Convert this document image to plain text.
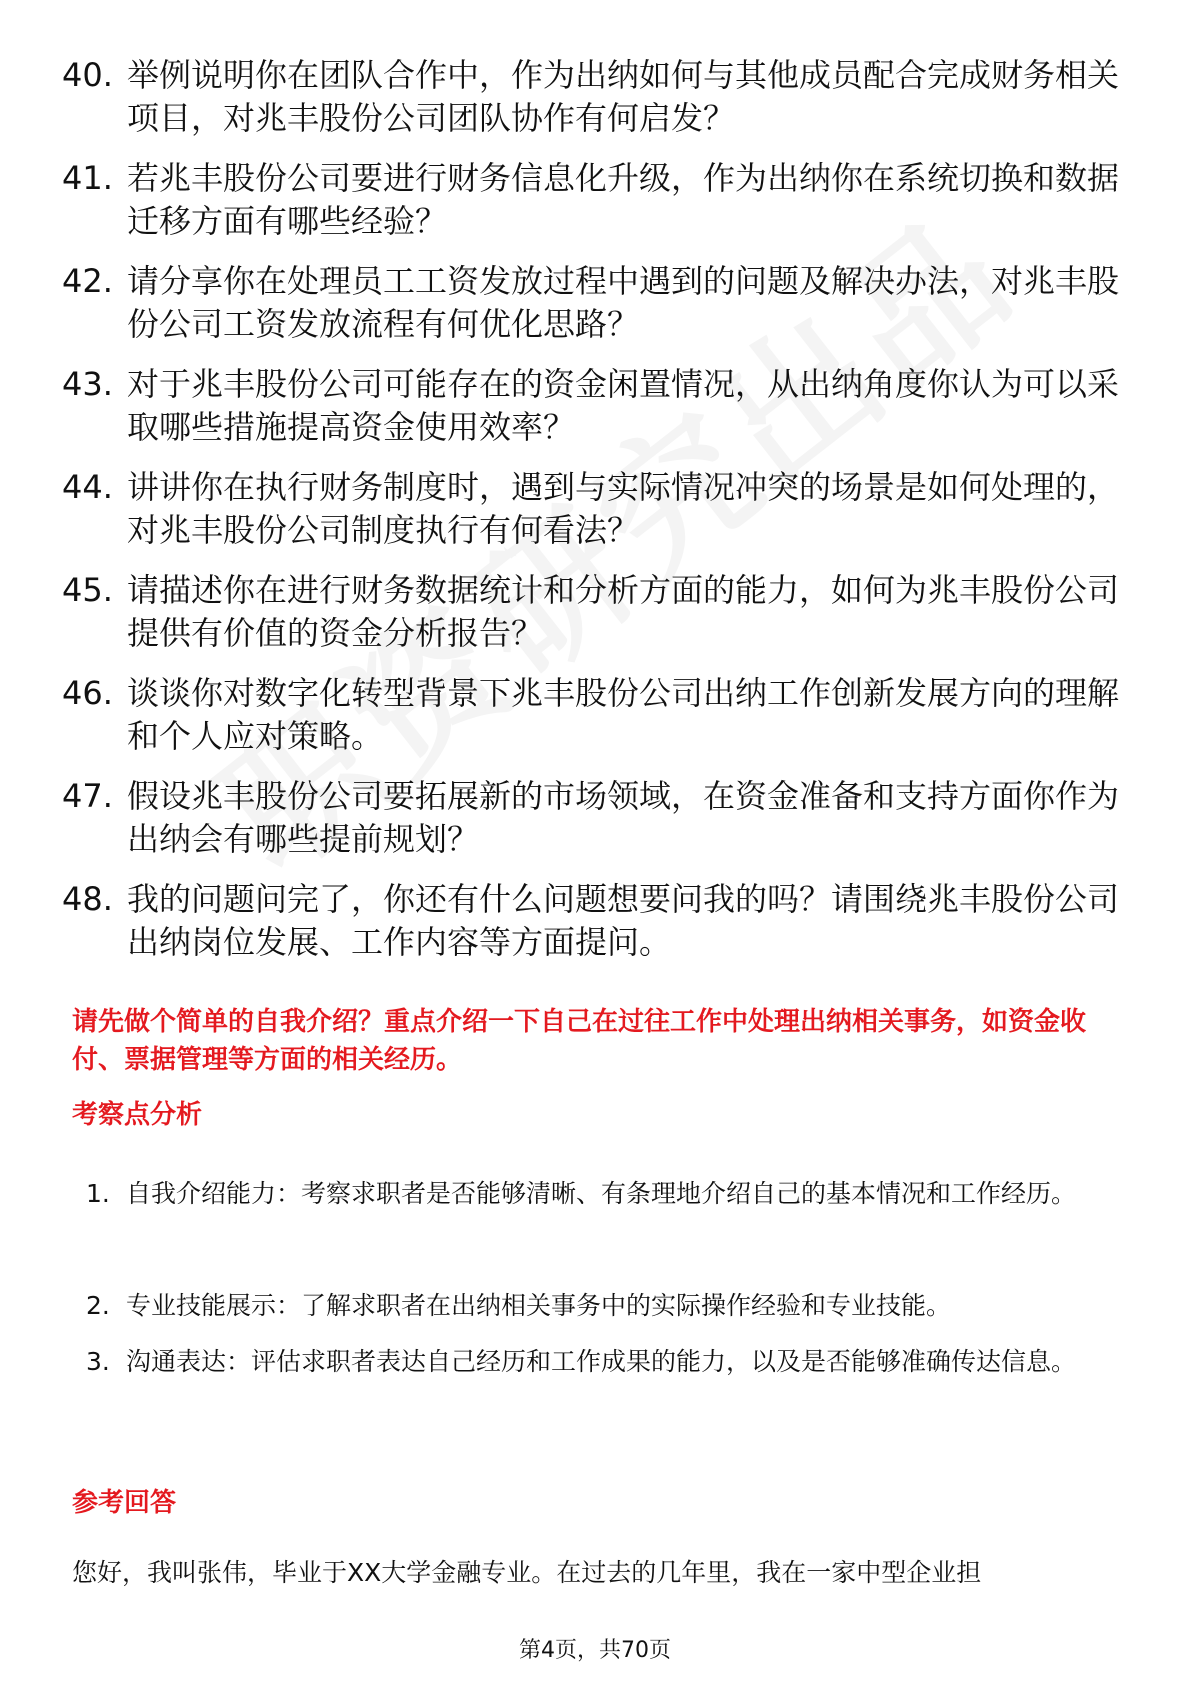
40. 举例说明你在团队合作中，作为出纳如何与其他成员配合完成财务相关项目，对兆丰股份公司团队协作有何启发？
41. 若兆丰股份公司要进行财务信息化升级，作为出纳你在系统切换和数据迁移方面有哪些经验？
42. 请分享你在处理员工工资发放过程中遇到的问题及解决办法，对兆丰股份公司工资发放流程有何优化思路？
43. 对于兆丰股份公司可能存在的资金闲置情况，从出纳角度你认为可以采取哪些措施提高资金使用效率？
44. 讲讲你在执行财务制度时，遇到与实际情况冲突的场景是如何处理的，对兆丰股份公司制度执行有何看法？
45. 请描述你在进行财务数据统计和分析方面的能力，如何为兆丰股份公司提供有价值的资金分析报告？
46. 谈谈你对数字化转型背景下兆丰股份公司出纳工作创新发展方向的理解和个人应对策略。
47. 假设兆丰股份公司要拓展新的市场领域，在资金准备和支持方面你作为出纳会有哪些提前规划？
48. 我的问题问完了，你还有什么问题想要问我的吗？请围绕兆丰股份公司出纳岗位发展、工作内容等方面提问。
请先做个简单的自我介绍？重点介绍一下自己在过往工作中处理出纳相关事务，如资金收付、票据管理等方面的相关经历。
考察点分析
1. 自我介绍能力：考察求职者是否能够清晰、有条理地介绍自己的基本情况和工作经历。
2. 专业技能展示：了解求职者在出纳相关事务中的实际操作经验和专业技能。
3. 沟通表达：评估求职者表达自己经历和工作成果的能力，以及是否能够准确传达信息。
参考回答
您好，我叫张伟，毕业于XX大学金融专业。在过去的几年里，我在一家中型企业担
第4页，共70页
